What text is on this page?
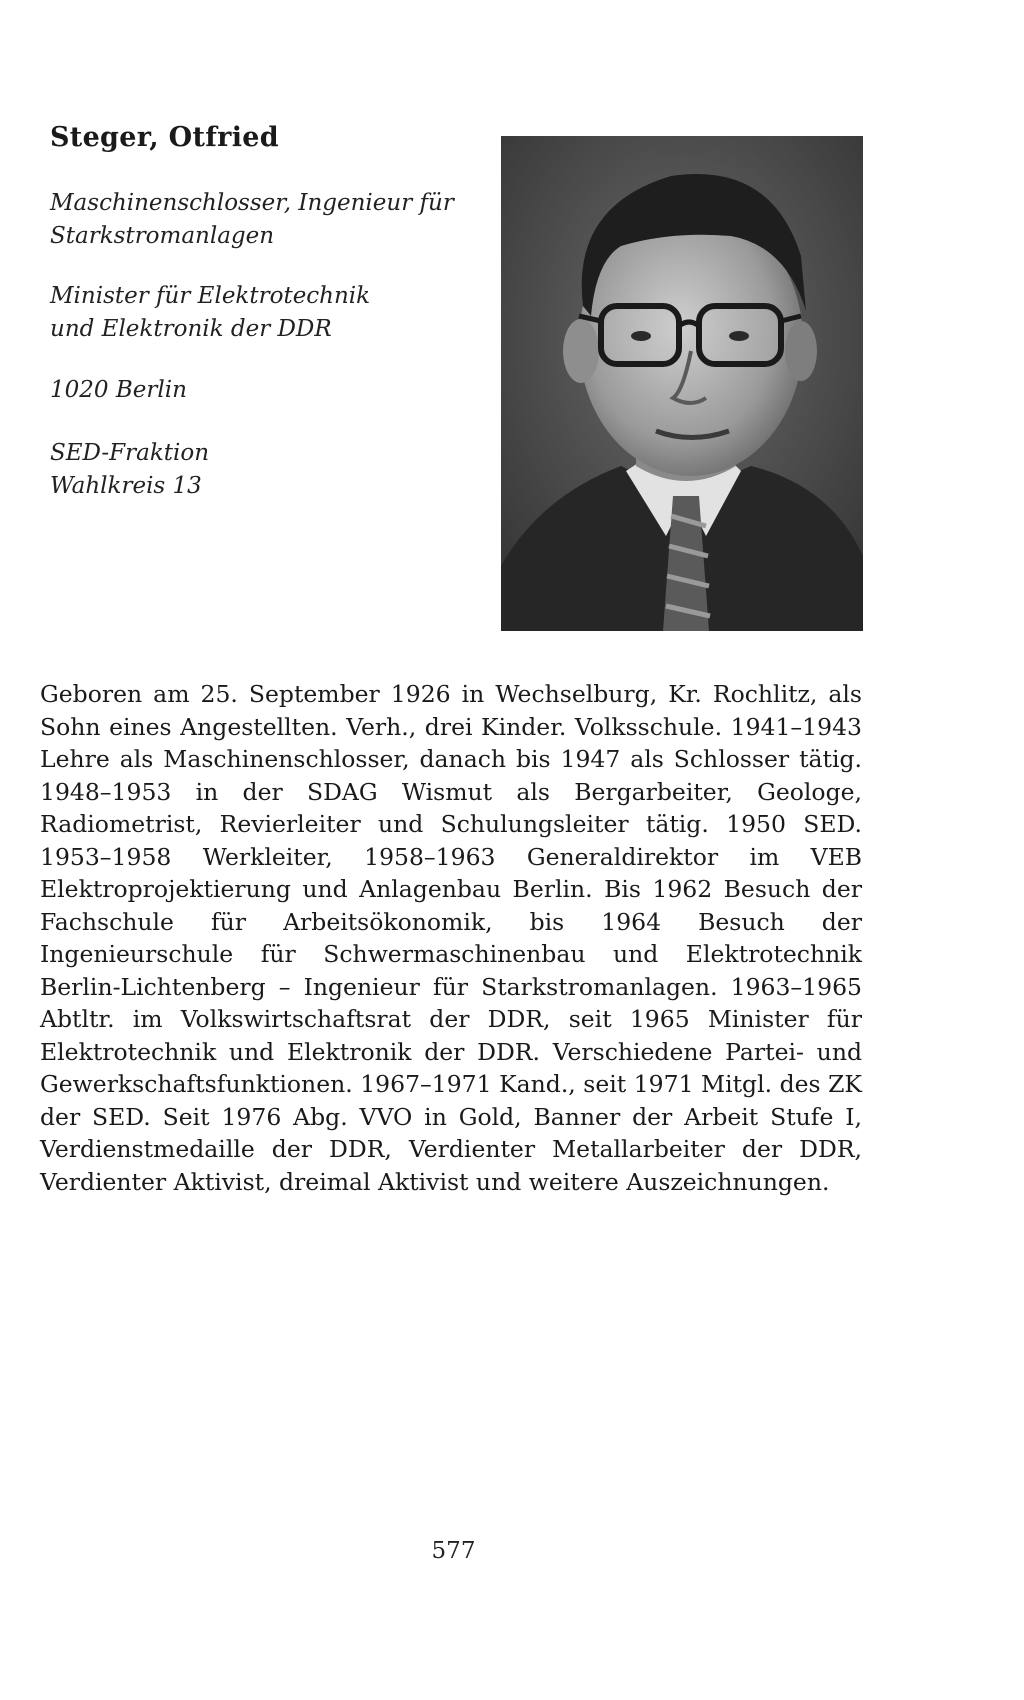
Steger, Otfried

Maschinenschlosser, Ingenieur für
Starkstromanlagen

Minister für Elektrotechnik
und Elektronik der DDR

1020 Berlin

SED-Fraktion
Wahlkreis 13

Geboren am 25. September 1926 in Wechselburg, Kr. Rochlitz, als Sohn eines Angestellten. Verh., drei Kinder. Volksschule. 1941–1943 Lehre als Maschinenschlosser, danach bis 1947 als Schlosser tätig. 1948–1953 in der SDAG Wismut als Bergarbeiter, Geologe, Radiometrist, Revierleiter und Schulungsleiter tätig. 1950 SED. 1953–1958 Werkleiter, 1958–1963 Generaldirektor im VEB Elektroprojektierung und Anlagenbau Berlin. Bis 1962 Besuch der Fachschule für Arbeitsökonomik, bis 1964 Besuch der Ingenieurschule für Schwermaschinenbau und Elektrotechnik Berlin-Lichtenberg – Ingenieur für Starkstromanlagen. 1963–1965 Abtltr. im Volkswirtschaftsrat der DDR, seit 1965 Minister für Elektrotechnik und Elektronik der DDR. Verschiedene Partei- und Gewerkschaftsfunktionen. 1967–1971 Kand., seit 1971 Mitgl. des ZK der SED. Seit 1976 Abg. VVO in Gold, Banner der Arbeit Stufe I, Verdienstmedaille der DDR, Verdienter Metallarbeiter der DDR, Verdienter Aktivist, dreimal Aktivist und weitere Auszeichnungen.

577
